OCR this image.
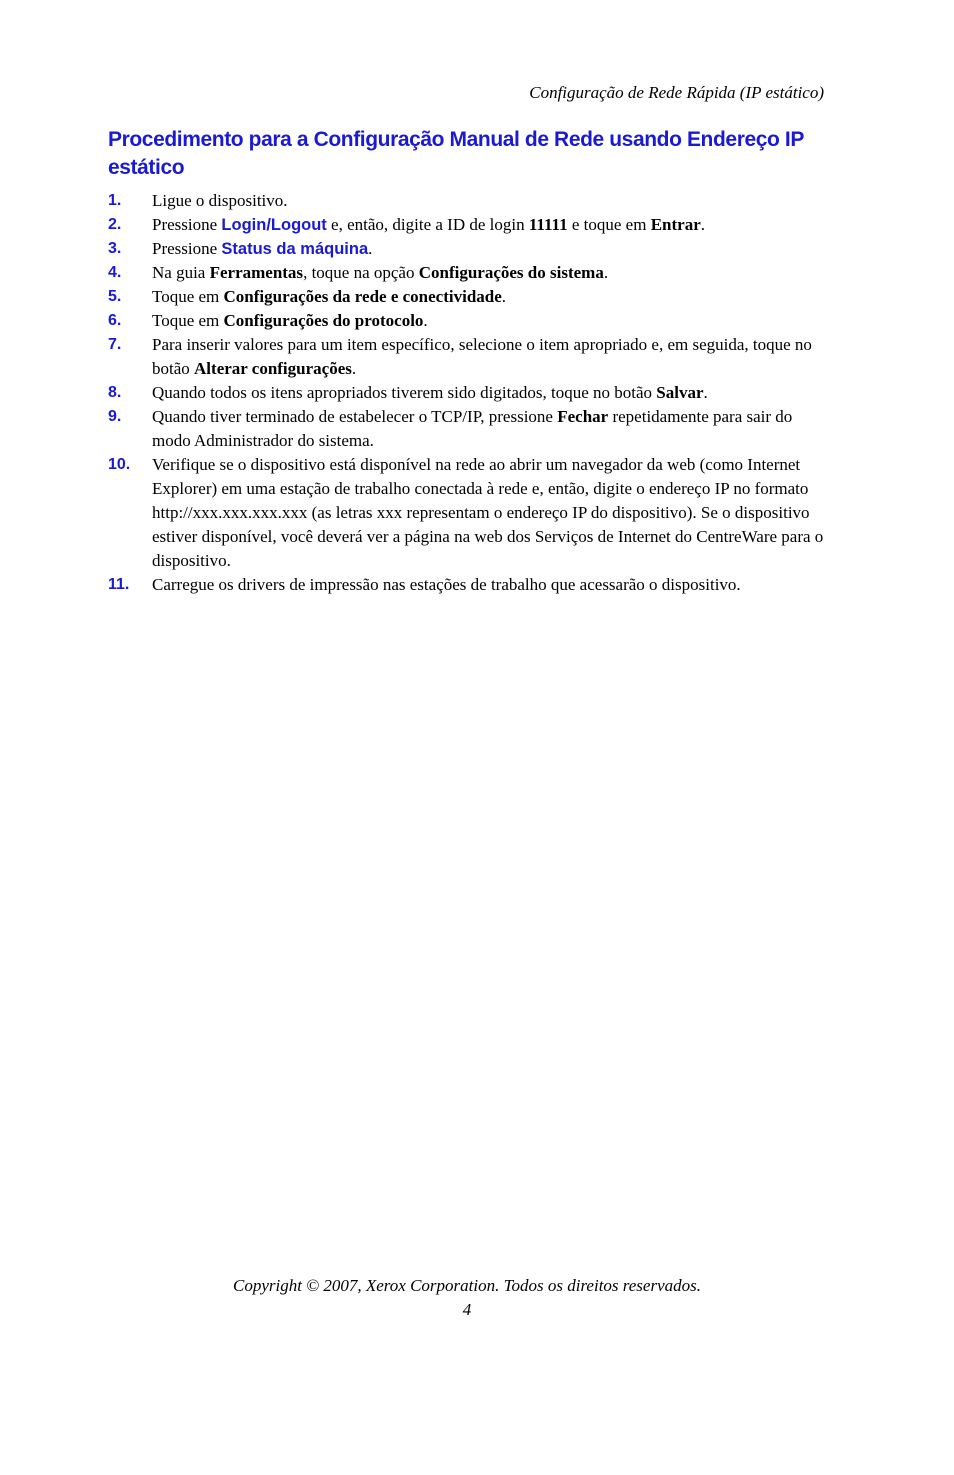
Configuração de Rede Rápida (IP estático)
Procedimento para a Configuração Manual de Rede usando Endereço IP estático
1.	Ligue o dispositivo.
2.	Pressione Login/Logout e, então, digite a ID de login 11111 e toque em Entrar.
3.	Pressione Status da máquina.
4.	Na guia Ferramentas, toque na opção Configurações do sistema.
5.	Toque em Configurações da rede e conectividade.
6.	Toque em Configurações do protocolo.
7.	Para inserir valores para um item específico, selecione o item apropriado e, em seguida, toque no botão Alterar configurações.
8.	Quando todos os itens apropriados tiverem sido digitados, toque no botão Salvar.
9.	Quando tiver terminado de estabelecer o TCP/IP, pressione Fechar repetidamente para sair do modo Administrador do sistema.
10.	Verifique se o dispositivo está disponível na rede ao abrir um navegador da web (como Internet Explorer) em uma estação de trabalho conectada à rede e, então, digite o endereço IP no formato http://xxx.xxx.xxx.xxx (as letras xxx representam o endereço IP do dispositivo). Se o dispositivo estiver disponível, você deverá ver a página na web dos Serviços de Internet do CentreWare para o dispositivo.
11.	Carregue os drivers de impressão nas estações de trabalho que acessarão o dispositivo.
Copyright © 2007, Xerox Corporation. Todos os direitos reservados.
4
